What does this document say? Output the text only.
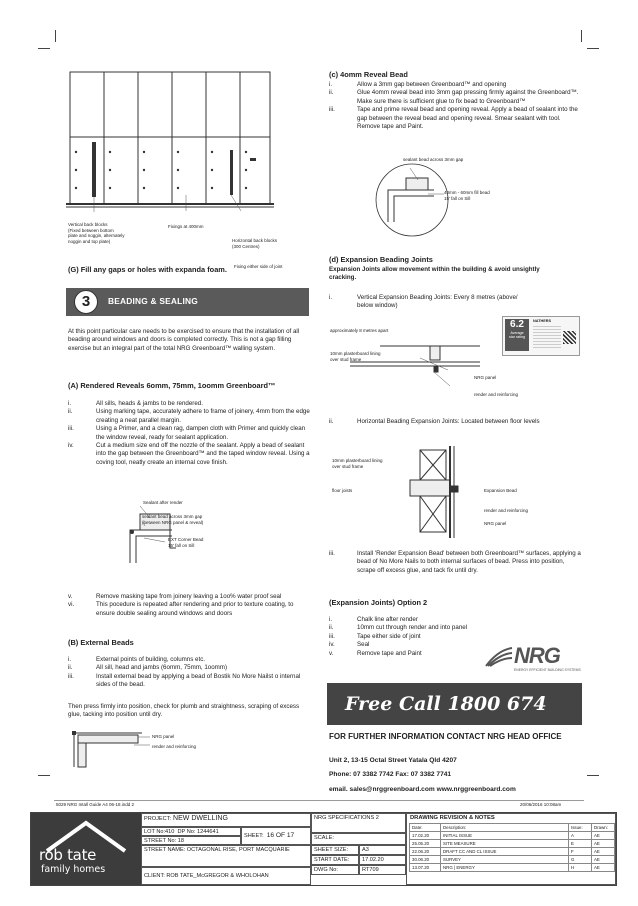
Vertical back blocks
(Fixed between bottom
plate and noggin, alternately
noggin and top plate)
Fixings at 400mm
Horizontal back blocks
(300 Centres)
Fixing either side of joint
(G) Fill any gaps or holes with expanda foam.
3	BEADING & SEALING
At this point particular care needs to be exercised to ensure that the installation of all beading around windows and doors is completed correctly. This is not a gap filling exercise but an integral part of the total NRG Greenboard™ walling system.
(A) Rendered Reveals 6omm, 75mm, 1oomm Greenboard™
i.	All sills, heads & jambs to be rendered.
ii.	Using marking tape, accurately adhere to frame of joinery, 4mm from the edge creating a neat parallel margin.
iii.	Using a Primer, and a clean rag, dampen cloth with Primer and quickly clean the window reveal, ready for sealant application.
iv.	Cut a medium size end off the nozzle of the sealant. Apply a bead of sealant into the gap between the Greenboard™ and the taped window reveal. Using a coving tool, neatly create an internal cove finish.
Sealant after render
sealant bead across 3mm gap
(between NRG panel & reveal)
EXT Corner Bead
15' fall on Sill
v.	Remove masking tape from joinery leaving a 1oo% water proof seal
vi.	This pocedure is repeated after rendering and prior to texture coating, to ensure double sealing around windows and doors
(B) External Beads
i.	External points of building, columns etc.
ii.	All sill, head and jambs (6omm, 75mm, 1oomm)
iii.	Install external bead by applying a bead of Bostik No More Nailst o internal sides of the bead.
Then press firmly into position, check for plumb and straightness, scraping of excess glue, tacking into position until dry.
NRG panel
render and reinforcing
(c) 4omm Reveal Bead
i.	Allow a 3mm gap between Greenboard™ and opening
ii.	Glue 4omm reveal bead into 3mm gap pressing firmly against the Greenboard™. Make sure there is sufficient glue to fix bead to Greenboard™
iii.	Tape and prime reveal bead and opening reveal. Apply a bead of sealant into the gap between the reveal bead and opening reveal. Smear sealant with tool. Remove tape and Paint.
sealant bead across 3mm gap
40mm - 60mm fill bead
15' fall on Sill
(d) Expansion Beading Joints
Expansion Joints allow movement within the building & avoid unsightly cracking.
i.	Vertical Expansion Beading Joints: Every 8 metres (above/ below window)
6.2
Average
star rating
NATHERS
approximately 8 metres apart
10mm plasterboard lining
over stud frame
NRG panel
render and reinforcing
ii.	Horizontal Beading Expansion Joints: Located between floor levels
10mm plasterboard lining
over stud frame
floor joists	Expansion Bead
render and reinforcing
NRG panel
iii.	Install 'Render Expansion Bead' between both Greenboard™ surfaces, applying a bead of No More Nails to both internal surfaces of bead. Press into position, scrape off excess glue, and tack fix until dry.
(Expansion Joints) Option 2
i.	Chalk line after render
ii.	10mm cut through render and into panel
iii.	Tape either side of joint
iv.	Seal
v.	Remove tape and Paint	NRG
ENERGY EFFICIENT BUILDING SYSTEMS
Free Call 1800 674 001
FOR FURTHER INFORMATION CONTACT NRG HEAD OFFICE
Unit 2, 13-15 Octal Street Yatala Qld 4207
Phone: 07 3382 7742 Fax: 07 3382 7741
email. sales@nrggreenboard.com www.nrggreenboard.com
5029 NRG Intall Guide A4 06-18.indd 2	20/06/2016 10:08am
rob tate
family homes
PROJECT: NEW DWELLING
LOT No:410 DP No: 1244641
STREET No: 18
SHEET: 16 OF 17
STREET NAME: OCTAGONAL RISE, PORT MACQUARIE
CLIENT: ROB TATE_McGREGOR & WHOLOHAN
NRG SPECIFICATIONS 2
SCALE:
SHEET SIZE:	A3
START DATE:	17.02.20
DWG No:	RT709
DRAWING REVISION & NOTES
Date:	Description:	Issue:	Drawn:
17.02.20	INITIAL ISSUE	A	AE
25.05.20	SITE MEASURE	E	AE
22.06.20	DRAFT CC AND CL ISSUE	F	AE
30.06.20	SURVEY	G	AE
13.07.20	NRG | ENERGY	H	AE
